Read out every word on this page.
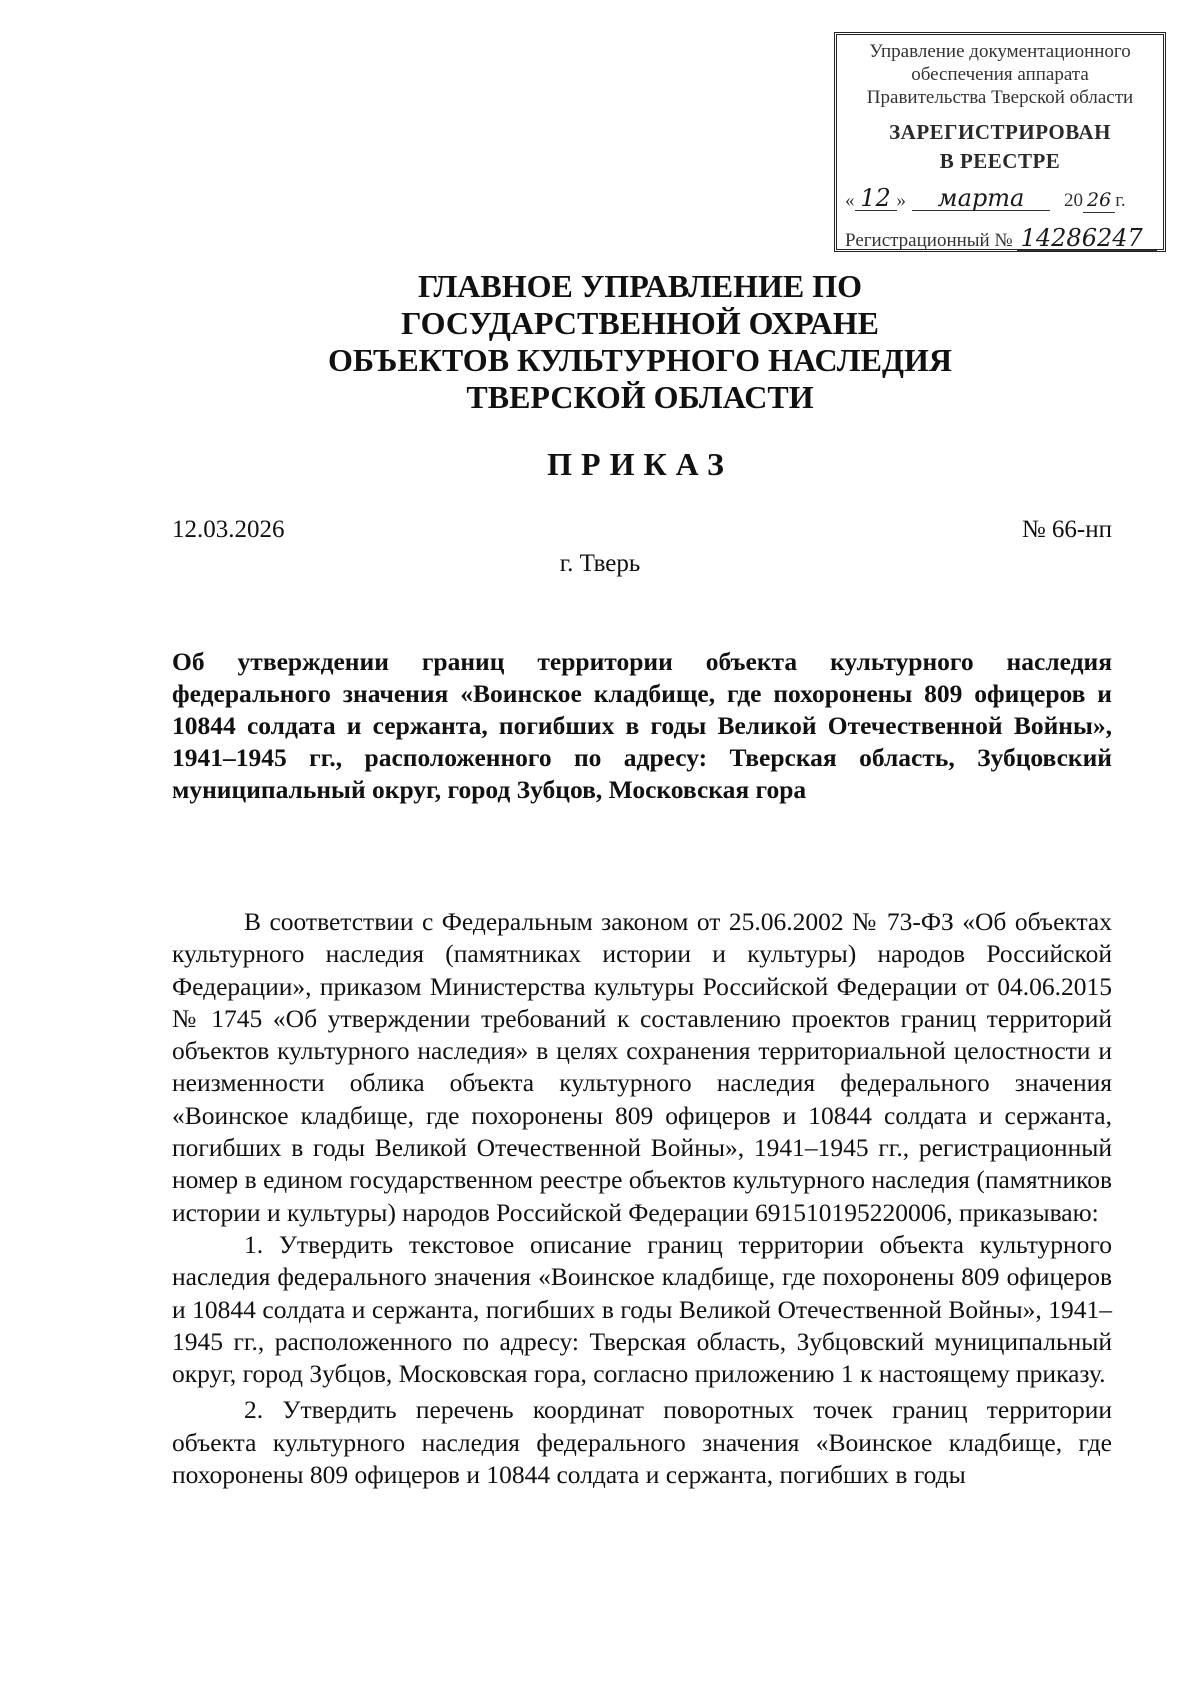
Управление документационного
обеспечения аппарата
Правительства Тверской области
ЗАРЕГИСТРИРОВАН
В РЕЕСТРЕ
« 12 »	марта	20 26 г.
Регистрационный № 14286247
ГЛАВНОЕ УПРАВЛЕНИЕ ПО
ГОСУДАРСТВЕННОЙ ОХРАНЕ
ОБЪЕКТОВ КУЛЬТУРНОГО НАСЛЕДИЯ
ТВЕРСКОЙ ОБЛАСТИ
ПРИКАЗ
12.03.2026	№ 66-нп
г. Тверь
Об утверждении границ территории объекта культурного наследия федерального значения «Воинское кладбище, где похоронены 809 офицеров и 10844 солдата и сержанта, погибших в годы Великой Отечественной Войны», 1941–1945 гг., расположенного по адресу: Тверская область, Зубцовский муниципальный округ, город Зубцов, Московская гора

В соответствии с Федеральным законом от 25.06.2002 № 73-ФЗ «Об объектах культурного наследия (памятниках истории и культуры) народов Российской Федерации», приказом Министерства культуры Российской Федерации от 04.06.2015 № 1745 «Об утверждении требований к составлению проектов границ территорий объектов культурного наследия» в целях сохранения территориальной целостности и неизменности облика объекта культурного наследия федерального значения «Воинское кладбище, где похоронены 809 офицеров и 10844 солдата и сержанта, погибших в годы Великой Отечественной Войны», 1941–1945 гг., регистрационный номер в едином государственном реестре объектов культурного наследия (памятников истории и культуры) народов Российской Федерации 691510195220006, приказываю:

1. Утвердить текстовое описание границ территории объекта культурного наследия федерального значения «Воинское кладбище, где похоронены 809 офицеров и 10844 солдата и сержанта, погибших в годы Великой Отечественной Войны», 1941–1945 гг., расположенного по адресу: Тверская область, Зубцовский муниципальный округ, город Зубцов, Московская гора, согласно приложению 1 к настоящему приказу.

2. Утвердить перечень координат поворотных точек границ территории объекта культурного наследия федерального значения «Воинское кладбище, где похоронены 809 офицеров и 10844 солдата и сержанта, погибших в годы
